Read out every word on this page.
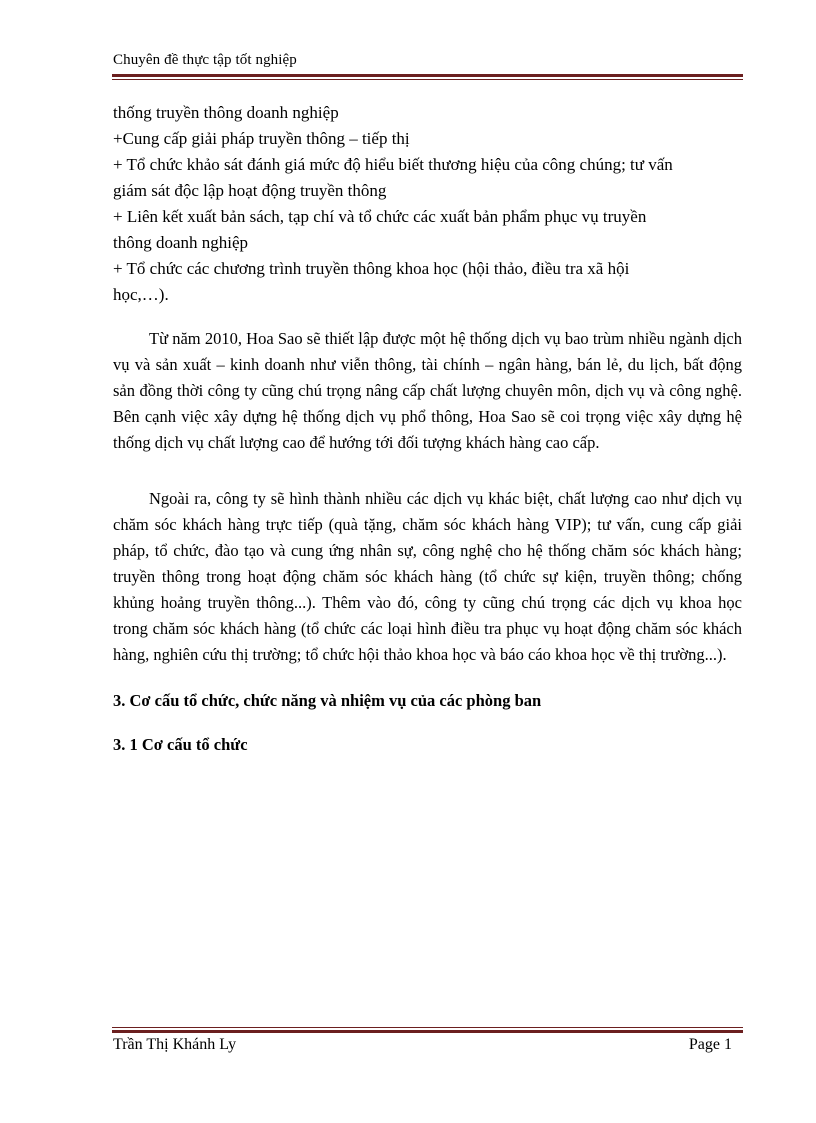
Chuyên đề thực tập tốt nghiệp
thống truyền thông doanh nghiệp
+Cung cấp giải pháp truyền thông – tiếp thị
+ Tổ chức khảo sát đánh giá mức độ hiểu biết thương hiệu của công chúng; tư vấn
giám sát độc lập hoạt động truyền thông
+ Liên kết xuất bản sách, tạp chí và tổ chức các xuất bản phẩm phục vụ truyền
thông doanh nghiệp
+ Tổ chức các chương trình truyền thông khoa học (hội thảo, điều tra xã hội
học,…).

Từ năm 2010, Hoa Sao sẽ thiết lập được một hệ thống dịch vụ bao trùm nhiều ngành dịch vụ và sản xuất – kinh doanh như viễn thông, tài chính – ngân hàng, bán lẻ, du lịch, bất động sản đồng thời công ty cũng chú trọng nâng cấp chất lượng chuyên môn, dịch vụ và công nghệ. Bên cạnh việc xây dựng hệ thống dịch vụ phổ thông, Hoa Sao sẽ coi trọng việc xây dựng hệ thống dịch vụ chất lượng cao để hướng tới đối tượng khách hàng cao cấp.

Ngoài ra, công ty sẽ hình thành nhiều các dịch vụ khác biệt, chất lượng cao như dịch vụ chăm sóc khách hàng trực tiếp (quà tặng, chăm sóc khách hàng VIP); tư vấn, cung cấp giải pháp, tổ chức, đào tạo và cung ứng nhân sự, công nghệ cho hệ thống chăm sóc khách hàng; truyền thông trong hoạt động chăm sóc khách hàng (tổ chức sự kiện, truyền thông; chống khủng hoảng truyền thông...). Thêm vào đó, công ty cũng chú trọng các dịch vụ khoa học trong chăm sóc khách hàng (tổ chức các loại hình điều tra phục vụ hoạt động chăm sóc khách hàng, nghiên cứu thị trường; tổ chức hội thảo khoa học và báo cáo khoa học về thị trường...).

3. Cơ cấu tổ chức, chức năng và nhiệm vụ của các phòng ban
3. 1 Cơ cấu tổ chức
Trần Thị Khánh Ly	Page 1
